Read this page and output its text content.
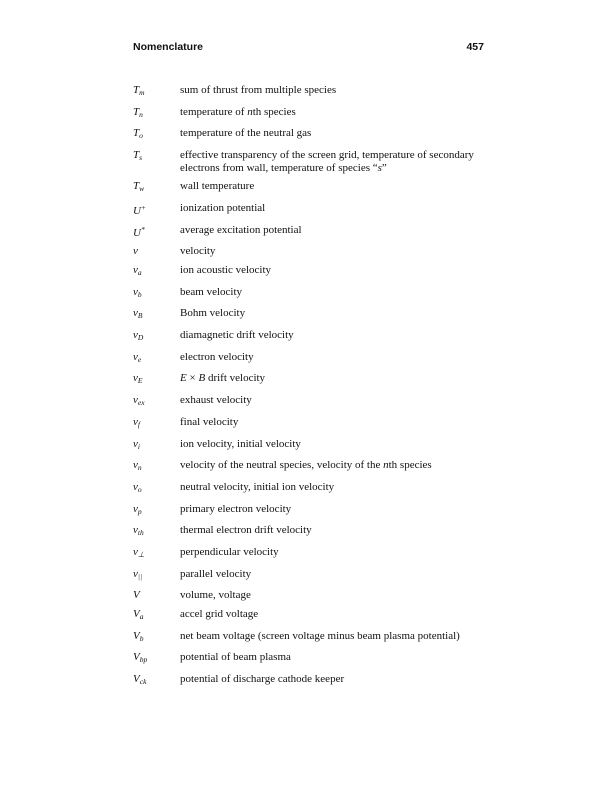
Nomenclature	457
$T_m$	sum of thrust from multiple species
$T_n$	temperature of nth species
$T_o$	temperature of the neutral gas
$T_s$	effective transparency of the screen grid, temperature of secondary electrons from wall, temperature of species “s”
$T_w$	wall temperature
U+	ionization potential
U*	average excitation potential
v	velocity
$v_a$	ion acoustic velocity
$v_b$	beam velocity
$v_B$	Bohm velocity
$v_D$	diamagnetic drift velocity
$v_e$	electron velocity
$v_E$	E × B drift velocity
$v_{ex}$	exhaust velocity
$v_f$	final velocity
$v_i$	ion velocity, initial velocity
$v_n$	velocity of the neutral species, velocity of the nth species
$v_o$	neutral velocity, initial ion velocity
$v_p$	primary electron velocity
$v_{th}$	thermal electron drift velocity
$v_\perp$	perpendicular velocity
$v_{||}$	parallel velocity
V	volume, voltage
$V_a$	accel grid voltage
$V_b$	net beam voltage (screen voltage minus beam plasma potential)
$V_{bp}$	potential of beam plasma
$V_{ck}$	potential of discharge cathode keeper
